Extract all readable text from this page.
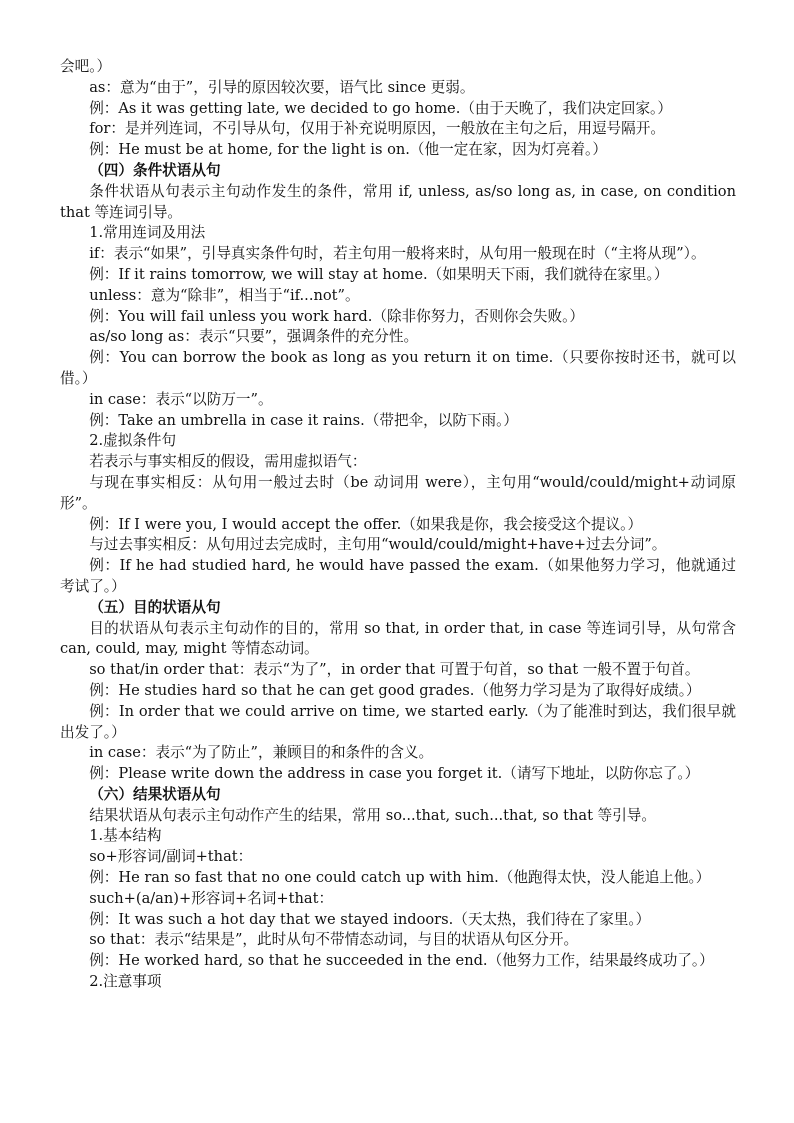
会吧。）

as：意为“由于”，引导的原因较次要，语气比 since 更弱。

例：As it was getting late, we decided to go home.（由于天晚了，我们决定回家。）

for：是并列连词，不引导从句，仅用于补充说明原因，一般放在主句之后，用逗号隔开。

例：He must be at home, for the light is on.（他一定在家，因为灯亮着。）

（四）条件状语从句

条件状语从句表示主句动作发生的条件，常用 if, unless, as/so long as, in case, on condition that 等连词引导。

1.常用连词及用法

if：表示“如果”，引导真实条件句时，若主句用一般将来时，从句用一般现在时（“主将从现”）。

例：If it rains tomorrow, we will stay at home.（如果明天下雨，我们就待在家里。）

unless：意为“除非”，相当于“if...not”。

例：You will fail unless you work hard.（除非你努力，否则你会失败。）

as/so long as：表示“只要”，强调条件的充分性。

例：You can borrow the book as long as you return it on time.（只要你按时还书，就可以借。）

in case：表示“以防万一”。

例：Take an umbrella in case it rains.（带把伞，以防下雨。）

2.虚拟条件句

若表示与事实相反的假设，需用虚拟语气：

与现在事实相反：从句用一般过去时（be 动词用 were），主句用“would/could/might+动词原形”。

例：If I were you, I would accept the offer.（如果我是你，我会接受这个提议。）

与过去事实相反：从句用过去完成时，主句用“would/could/might+have+过去分词”。

例：If he had studied hard, he would have passed the exam.（如果他努力学习，他就通过考试了。）

（五）目的状语从句

目的状语从句表示主句动作的目的，常用 so that, in order that, in case 等连词引导，从句常含 can, could, may, might 等情态动词。

so that/in order that：表示“为了”，in order that 可置于句首，so that 一般不置于句首。

例：He studies hard so that he can get good grades.（他努力学习是为了取得好成绩。）

例：In order that we could arrive on time, we started early.（为了能准时到达，我们很早就出发了。）

in case：表示“为了防止”，兼顾目的和条件的含义。

例：Please write down the address in case you forget it.（请写下地址，以防你忘了。）

（六）结果状语从句

结果状语从句表示主句动作产生的结果，常用 so...that, such...that, so that 等引导。

1.基本结构

so+形容词/副词+that：

例：He ran so fast that no one could catch up with him.（他跑得太快，没人能追上他。）

such+(a/an)+形容词+名词+that：

例：It was such a hot day that we stayed indoors.（天太热，我们待在了家里。）

so that：表示“结果是”，此时从句不带情态动词，与目的状语从句区分开。

例：He worked hard, so that he succeeded in the end.（他努力工作，结果最终成功了。）

2.注意事项
